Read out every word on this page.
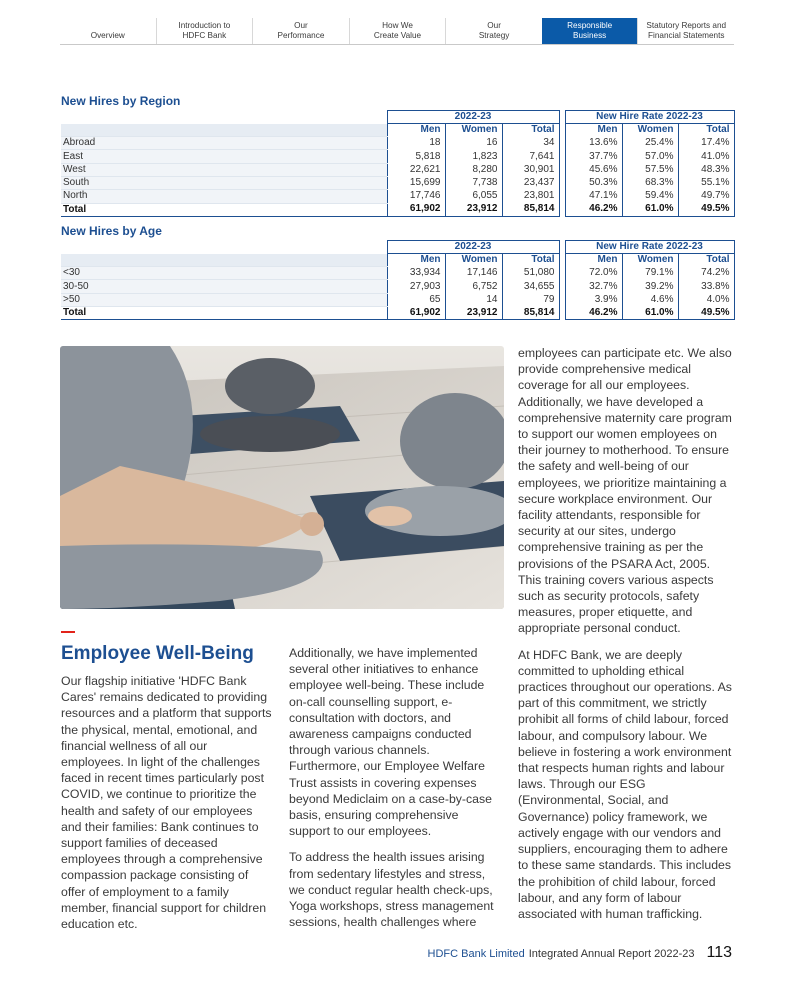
Overview
Introduction to
HDFC Bank
Our
Performance
How We
Create Value
Our
Strategy
Responsible
Business
Statutory Reports and
Financial Statements
New Hires by Region
	2022-23				New Hire Rate 2022-23		
	Men	Women	Total		Men	Women	Total
Abroad	18	16	34		13.6%	25.4%	17.4%
East	5,818	1,823	7,641		37.7%	57.0%	41.0%
West	22,621	8,280	30,901		45.6%	57.5%	48.3%
South	15,699	7,738	23,437		50.3%	68.3%	55.1%
North	17,746	6,055	23,801		47.1%	59.4%	49.7%
Total	61,902	23,912	85,814		46.2%	61.0%	49.5%
New Hires by Age
	2022-23				New Hire Rate 2022-23		
	Men	Women	Total		Men	Women	Total
<30	33,934	17,146	51,080		72.0%	79.1%	74.2%
30-50	27,903	6,752	34,655		32.7%	39.2%	33.8%
>50	65	14	79		3.9%	4.6%	4.0%
Total	61,902	23,912	85,814		46.2%	61.0%	49.5%
Employee Well-Being

Our flagship initiative 'HDFC Bank Cares' remains dedicated to providing resources and a platform that supports the physical, mental, emotional, and financial wellness of all our employees. In light of the challenges faced in recent times particularly post COVID, we continue to prioritize the health and safety of our employees and their families: Bank continues to support families of deceased employees through a comprehensive compassion package consisting of offer of employment to a family member, financial support for children education etc.

Additionally, we have implemented several other initiatives to enhance employee well-being. These include on-call counselling support, e-consultation with doctors, and awareness campaigns conducted through various channels. Furthermore, our Employee Welfare Trust assists in covering expenses beyond Mediclaim on a case-by-case basis, ensuring comprehensive support to our employees.

To address the health issues arising from sedentary lifestyles and stress, we conduct regular health check-ups, Yoga workshops, stress management sessions, health challenges where

employees can participate etc. We also provide comprehensive medical coverage for all our employees. Additionally, we have developed a comprehensive maternity care program to support our women employees on their journey to motherhood. To ensure the safety and well-being of our employees, we prioritize maintaining a secure workplace environment. Our facility attendants, responsible for security at our sites, undergo comprehensive training as per the provisions of the PSARA Act, 2005. This training covers various aspects such as security protocols, safety measures, proper etiquette, and appropriate personal conduct.

At HDFC Bank, we are deeply committed to upholding ethical practices throughout our operations. As part of this commitment, we strictly prohibit all forms of child labour, forced labour, and compulsory labour. We believe in fostering a work environment that respects human rights and labour laws. Through our ESG (Environmental, Social, and Governance) policy framework, we actively engage with our vendors and suppliers, encouraging them to adhere to these same standards. This includes the prohibition of child labour, forced labour, and any form of labour associated with human trafficking.

HDFC Bank Limited Integrated Annual Report 2022-23 113
